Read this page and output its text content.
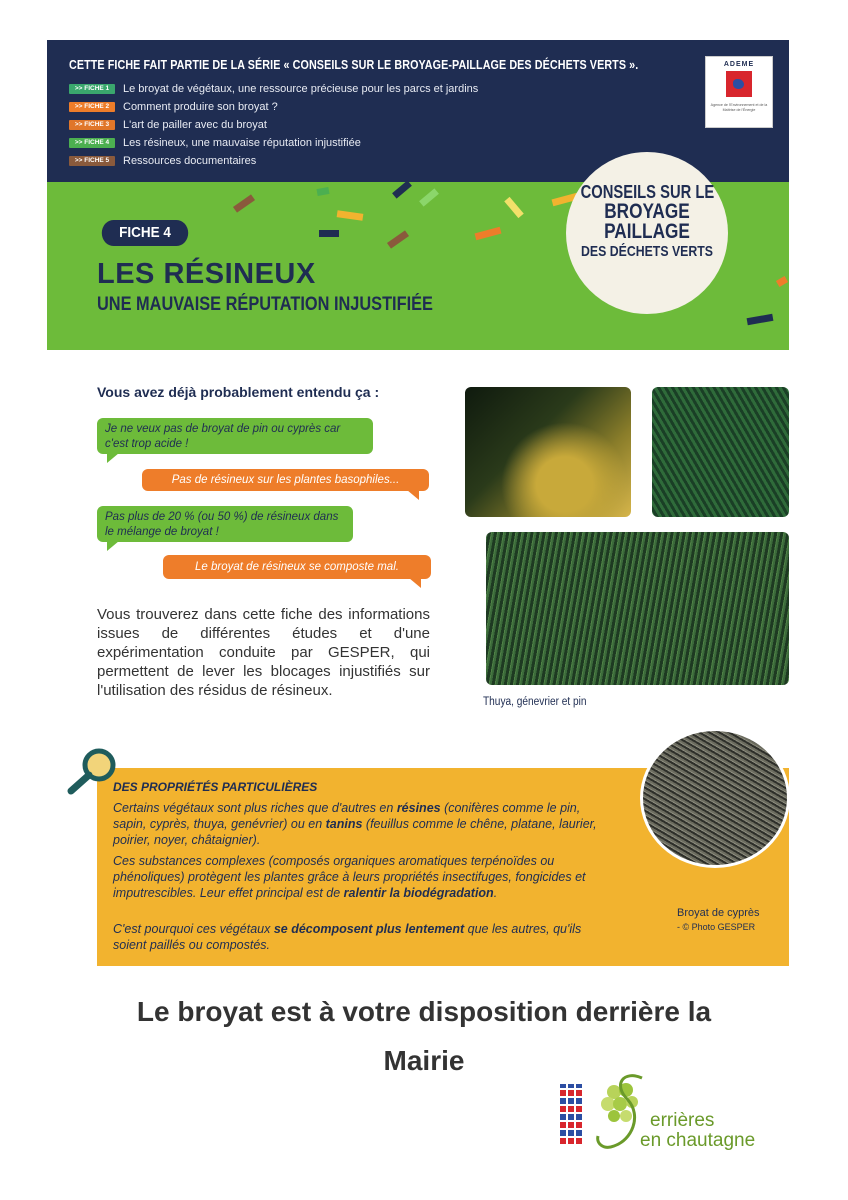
CETTE FICHE FAIT PARTIE DE LA SÉRIE « CONSEILS SUR LE BROYAGE-PAILLAGE DES DÉCHETS VERTS ».
>> FICHE 1	Le broyat de végétaux, une ressource précieuse pour les parcs et jardins
>> FICHE 2	Comment produire son broyat ?
>> FICHE 3	L'art de pailler avec du broyat
>> FICHE 4	Les résineux, une mauvaise réputation injustifiée
>> FICHE 5	Ressources documentaires
ADEME
Agence de l'Environnement et de la Maîtrise de l'Énergie
FICHE 4
LES RÉSINEUX
UNE MAUVAISE RÉPUTATION INJUSTIFIÉE
CONSEILS SUR LE
BROYAGE
PAILLAGE
DES DÉCHETS VERTS
Vous avez déjà probablement entendu ça :
Je ne veux pas de broyat de pin ou cyprès car c'est trop acide !
Pas de résineux sur les plantes basophiles...
Pas plus de 20 % (ou 50 %) de résineux dans le mélange de broyat !
Le broyat de résineux se composte mal.

Vous trouverez dans cette fiche des informations issues de différentes études et d'une expérimentation conduite par GESPER, qui permettent de lever les blocages injustifiés sur l'utilisation des résidus de résineux.

Thuya, génevrier et pin
DES PROPRIÉTÉS PARTICULIÈRES

Certains végétaux sont plus riches que d'autres en résines (conifères comme le pin, sapin, cyprès, thuya, genévrier) ou en tanins (feuillus comme le chêne, platane, laurier, poirier, noyer, châtaignier).

Ces substances complexes (composés organiques aromatiques terpénoïdes ou phénoliques) protègent les plantes grâce à leurs propriétés insectifuges, fongicides et imputrescibles. Leur effet principal est de ralentir la biodégradation.

C'est pourquoi ces végétaux se décomposent plus lentement que les autres, qu'ils soient paillés ou compostés.

Broyat de cyprès
- © Photo GESPER
Le broyat est à votre disposition derrière la
Mairie
errières
en chautagne
